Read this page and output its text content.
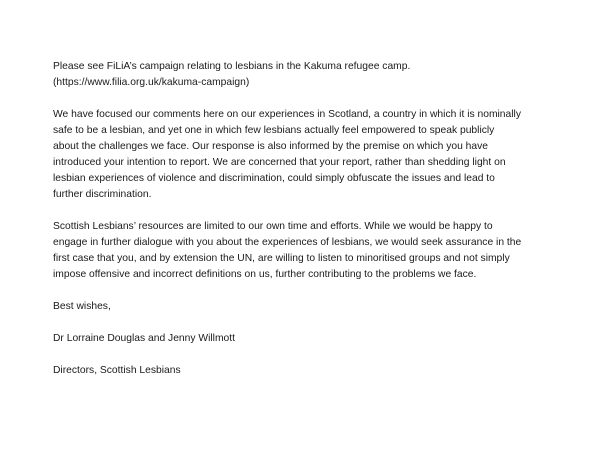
Please see FiLiA’s campaign relating to lesbians in the Kakuma refugee camp.
(https://www.filia.org.uk/kakuma-campaign)
We have focused our comments here on our experiences in Scotland, a country in which it is nominally
safe to be a lesbian, and yet one in which few lesbians actually feel empowered to speak publicly
about the challenges we face. Our response is also informed by the premise on which you have
introduced your intention to report. We are concerned that your report, rather than shedding light on
lesbian experiences of violence and discrimination, could simply obfuscate the issues and lead to
further discrimination.
Scottish Lesbians’ resources are limited to our own time and efforts. While we would be happy to
engage in further dialogue with you about the experiences of lesbians, we would seek assurance in the
first case that you, and by extension the UN, are willing to listen to minoritised groups and not simply
impose offensive and incorrect definitions on us, further contributing to the problems we face.
Best wishes,
Dr Lorraine Douglas and Jenny Willmott
Directors, Scottish Lesbians
